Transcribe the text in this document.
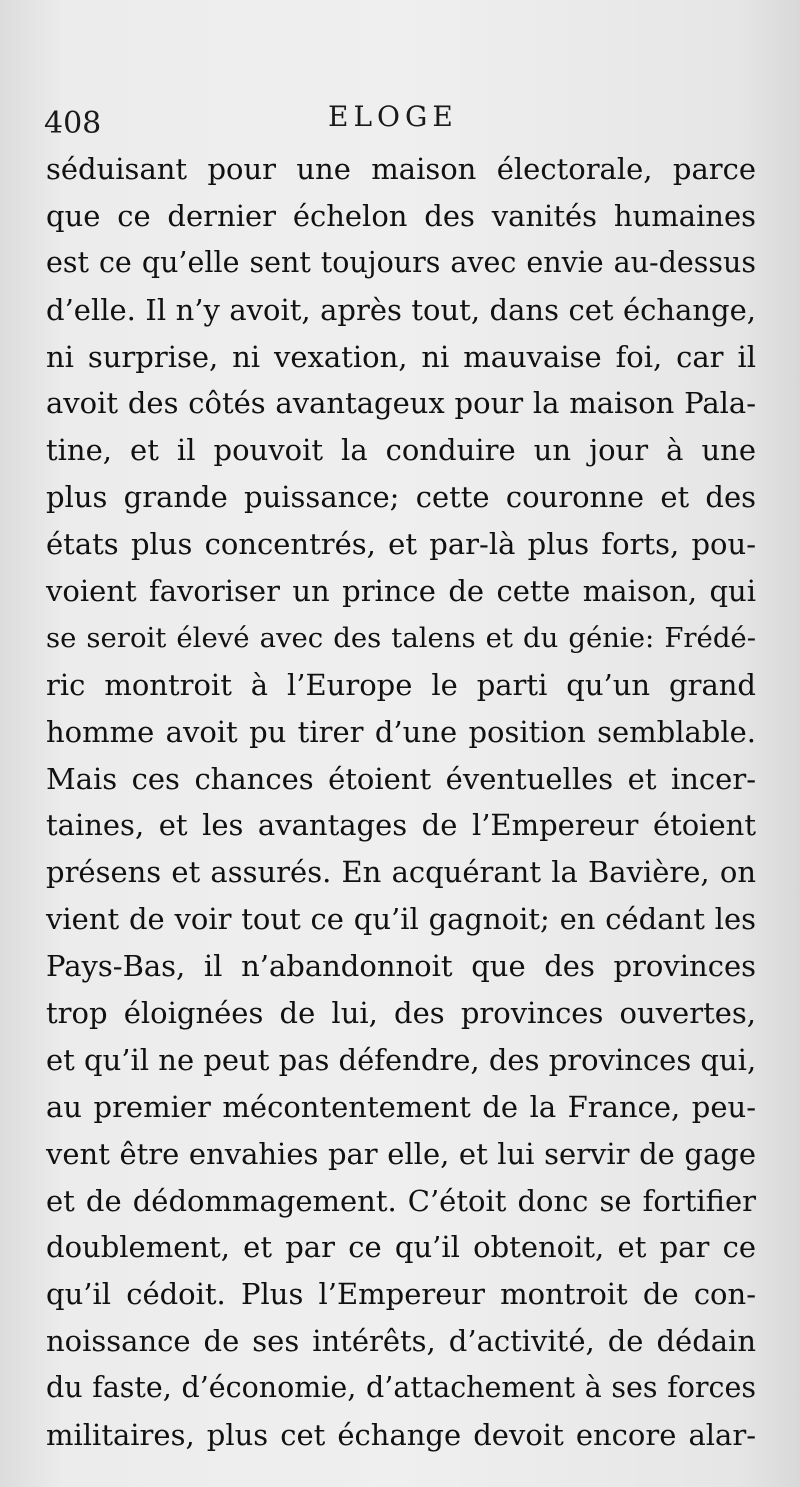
408	ELOGE
séduisant pour une maison électorale, parce
que ce dernier échelon des vanités humaines
est ce qu’elle sent toujours avec envie au-dessus
d’elle. Il n’y avoit, après tout, dans cet échange,
ni surprise, ni vexation, ni mauvaise foi, car il
avoit des côtés avantageux pour la maison Pala-
tine, et il pouvoit la conduire un jour à une
plus grande puissance; cette couronne et des
états plus concentrés, et par-là plus forts, pou-
voient favoriser un prince de cette maison, qui
se seroit élevé avec des talens et du génie: Frédé-
ric montroit à l’Europe le parti qu’un grand
homme avoit pu tirer d’une position semblable.
Mais ces chances étoient éventuelles et incer-
taines, et les avantages de l’Empereur étoient
présens et assurés. En acquérant la Bavière, on
vient de voir tout ce qu’il gagnoit; en cédant les
Pays-Bas, il n’abandonnoit que des provinces
trop éloignées de lui, des provinces ouvertes,
et qu’il ne peut pas défendre, des provinces qui,
au premier mécontentement de la France, peu-
vent être envahies par elle, et lui servir de gage
et de dédommagement. C’étoit donc se fortifier
doublement, et par ce qu’il obtenoit, et par ce
qu’il cédoit. Plus l’Empereur montroit de con-
noissance de ses intérêts, d’activité, de dédain
du faste, d’économie, d’attachement à ses forces
militaires, plus cet échange devoit encore alar-
